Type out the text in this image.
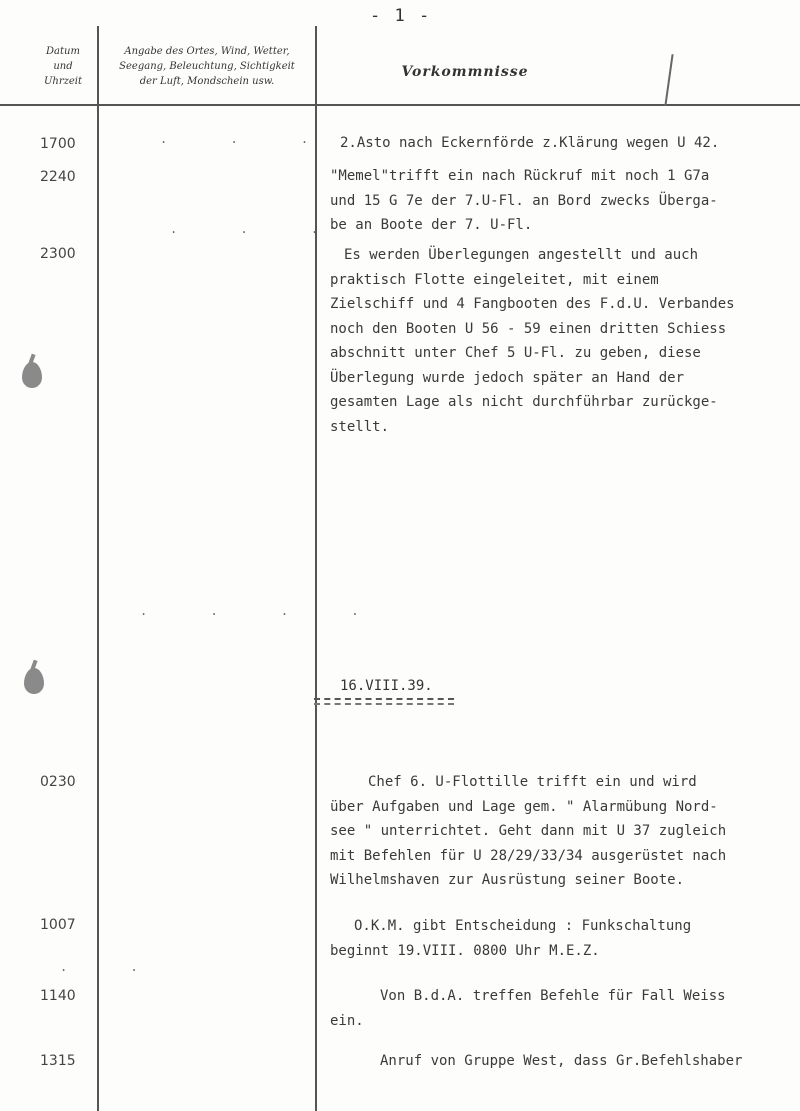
- 1 -
Datum
und
Uhrzeit
Angabe des Ortes, Wind, Wetter,
Seegang, Beleuchtung, Sichtigkeit
der Luft, Mondschein usw.
Vorkommnisse
1700	2.Asto nach Eckernförde z.Klärung wegen U 42.
2240	"Memel"trifft ein nach Rückruf mit noch 1 G7a
und 15 G 7e der 7.U-Fl. an Bord zwecks Überga-
be an Boote der 7. U-Fl.
2300	Es werden Überlegungen angestellt und auch
praktisch Flotte eingeleitet, mit einem
Zielschiff und 4 Fangbooten des F.d.U. Verbandes
noch den Booten U 56 - 59 einen dritten Schiess
abschnitt unter Chef 5 U-Fl. zu geben, diese
Überlegung wurde jedoch später an Hand der
gesamten Lage als nicht durchführbar zurückge-
stellt.
16.VIII.39.
0230	Chef 6. U-Flottille trifft ein und wird
über Aufgaben und Lage gem. " Alarmübung Nord-
see " unterrichtet. Geht dann mit U 37 zugleich
mit Befehlen für U 28/29/33/34 ausgerüstet nach
Wilhelmshaven zur Ausrüstung seiner Boote.
1007	O.K.M. gibt Entscheidung : Funkschaltung
beginnt 19.VIII. 0800 Uhr M.E.Z.
1140	Von B.d.A. treffen Befehle für Fall Weiss
ein.
1315	Anruf von Gruppe West, dass Gr.Befehlshaber
. . .
. . .
. . . .
. .
